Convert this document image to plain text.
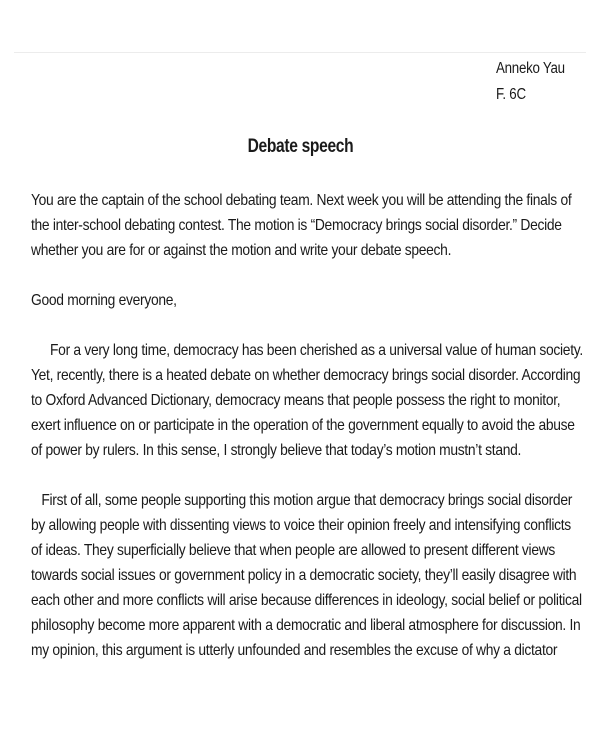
Anneko Yau
F. 6C
Debate speech
You are the captain of the school debating team. Next week you will be attending the finals of
the inter-school debating contest. The motion is “Democracy brings social disorder.” Decide
whether you are for or against the motion and write your debate speech.
Good morning everyone,
For a very long time, democracy has been cherished as a universal value of human society.
Yet, recently, there is a heated debate on whether democracy brings social disorder. According
to Oxford Advanced Dictionary, democracy means that people possess the right to monitor,
exert influence on or participate in the operation of the government equally to avoid the abuse
of power by rulers. In this sense, I strongly believe that today’s motion mustn’t stand.
First of all, some people supporting this motion argue that democracy brings social disorder
by allowing people with dissenting views to voice their opinion freely and intensifying conflicts
of ideas. They superficially believe that when people are allowed to present different views
towards social issues or government policy in a democratic society, they’ll easily disagree with
each other and more conflicts will arise because differences in ideology, social belief or political
philosophy become more apparent with a democratic and liberal atmosphere for discussion. In
my opinion, this argument is utterly unfounded and resembles the excuse of why a dictator
